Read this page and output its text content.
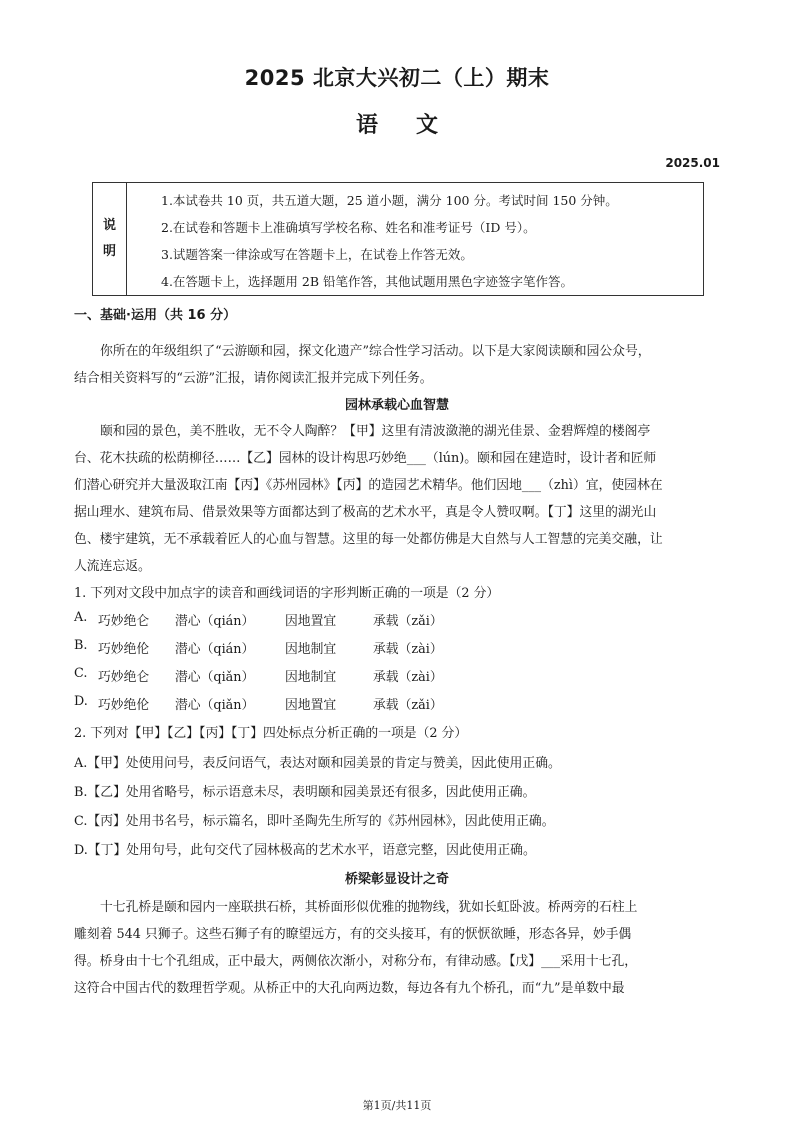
2025 北京大兴初二（上）期末
语文
2025.01
说
明
1.本试卷共 10 页，共五道大题，25 道小题，满分 100 分。考试时间 150 分钟。
2.在试卷和答题卡上准确填写学校名称、姓名和准考证号（ID 号）。
3.试题答案一律涂或写在答题卡上，在试卷上作答无效。
4.在答题卡上，选择题用 2B 铅笔作答，其他试题用黑色字迹签字笔作答。
一、基础·运用（共 16 分）
你所在的年级组织了“云游颐和园，探文化遗产”综合性学习活动。以下是大家阅读颐和园公众号，
结合相关资料写的“云游”汇报，请你阅读汇报并完成下列任务。
园林承载心血智慧
颐和园的景色，美不胜收，无不令人陶醉？【甲】这里有清波潋滟的湖光佳景、金碧辉煌的楼阁亭
台、花木扶疏的松荫柳径……【乙】园林的设计构思巧妙绝___（lún)。颐和园在建造时，设计者和匠师
们潜心研究并大量汲取江南【丙】《苏州园林》【丙】的造园艺术精华。他们因地___（zhì）宜，使园林在
据山理水、建筑布局、借景效果等方面都达到了极高的艺术水平，真是令人赞叹啊。【丁】这里的湖光山
色、楼宇建筑，无不承载着匠人的心血与智慧。这里的每一处都仿佛是大自然与人工智慧的完美交融，让
人流连忘返。
1. 下列对文段中加点字的读音和画线词语的字形判断正确的一项是（2 分）
A. 巧妙绝仑 潜心（qián） 因地置宜	承载（zǎi）
B. 巧妙绝伦 潜心（qián） 因地制宜	承载（zài）
C. 巧妙绝仑 潜心（qiǎn） 因地制宜	承载（zài）
D. 巧妙绝伦 潜心（qiǎn） 因地置宜	承载（zǎi）
2. 下列对【甲】【乙】【丙】【丁】四处标点分析正确的一项是（2 分）
A.【甲】处使用问号，表反问语气，表达对颐和园美景的肯定与赞美，因此使用正确。
B.【乙】处用省略号，标示语意未尽，表明颐和园美景还有很多，因此使用正确。
C.【丙】处用书名号，标示篇名，即叶圣陶先生所写的《苏州园林》，因此使用正确。
D.【丁】处用句号，此句交代了园林极高的艺术水平，语意完整，因此使用正确。
桥梁彰显设计之奇
十七孔桥是颐和园内一座联拱石桥，其桥面形似优雅的抛物线，犹如长虹卧波。桥两旁的石柱上
雕刻着 544 只狮子。这些石狮子有的瞭望远方，有的交头接耳，有的恹恹欲睡，形态各异，妙手偶
得。桥身由十七个孔组成，正中最大，两侧依次渐小，对称分布，有律动感。【戊】___采用十七孔，
这符合中国古代的数理哲学观。从桥正中的大孔向两边数，每边各有九个桥孔，而“九”是单数中最
第1页/共11页
